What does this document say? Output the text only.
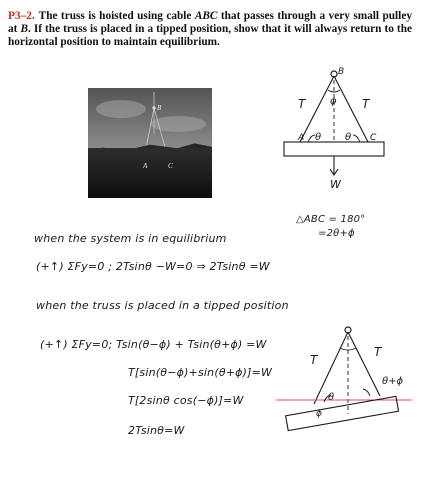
P3–2. The truss is hoisted using cable ABC that passes through a very small pulley at B. If the truss is placed in a tipped position, show that it will always return to the horizontal position to maintain equilibrium.
B
A	C
B
T	T
ϕ
A	C
θ θ
W
△ABC = 180°
=2θ+ϕ
when the system is in equilibrium
(+↑) ΣFy=0 ; 2Tsinθ −W=0 ⇒ 2Tsinθ =W
when the truss is placed in a tipped position
(+↑) ΣFy=0; Tsin(θ−ϕ) + Tsin(θ+ϕ) =W
T[sin(θ−ϕ)+sin(θ+ϕ)]=W
T[2sinθ cos(−ϕ)]=W
2Tsinθ=W
T
T
θ+ϕ
θ
ϕ
